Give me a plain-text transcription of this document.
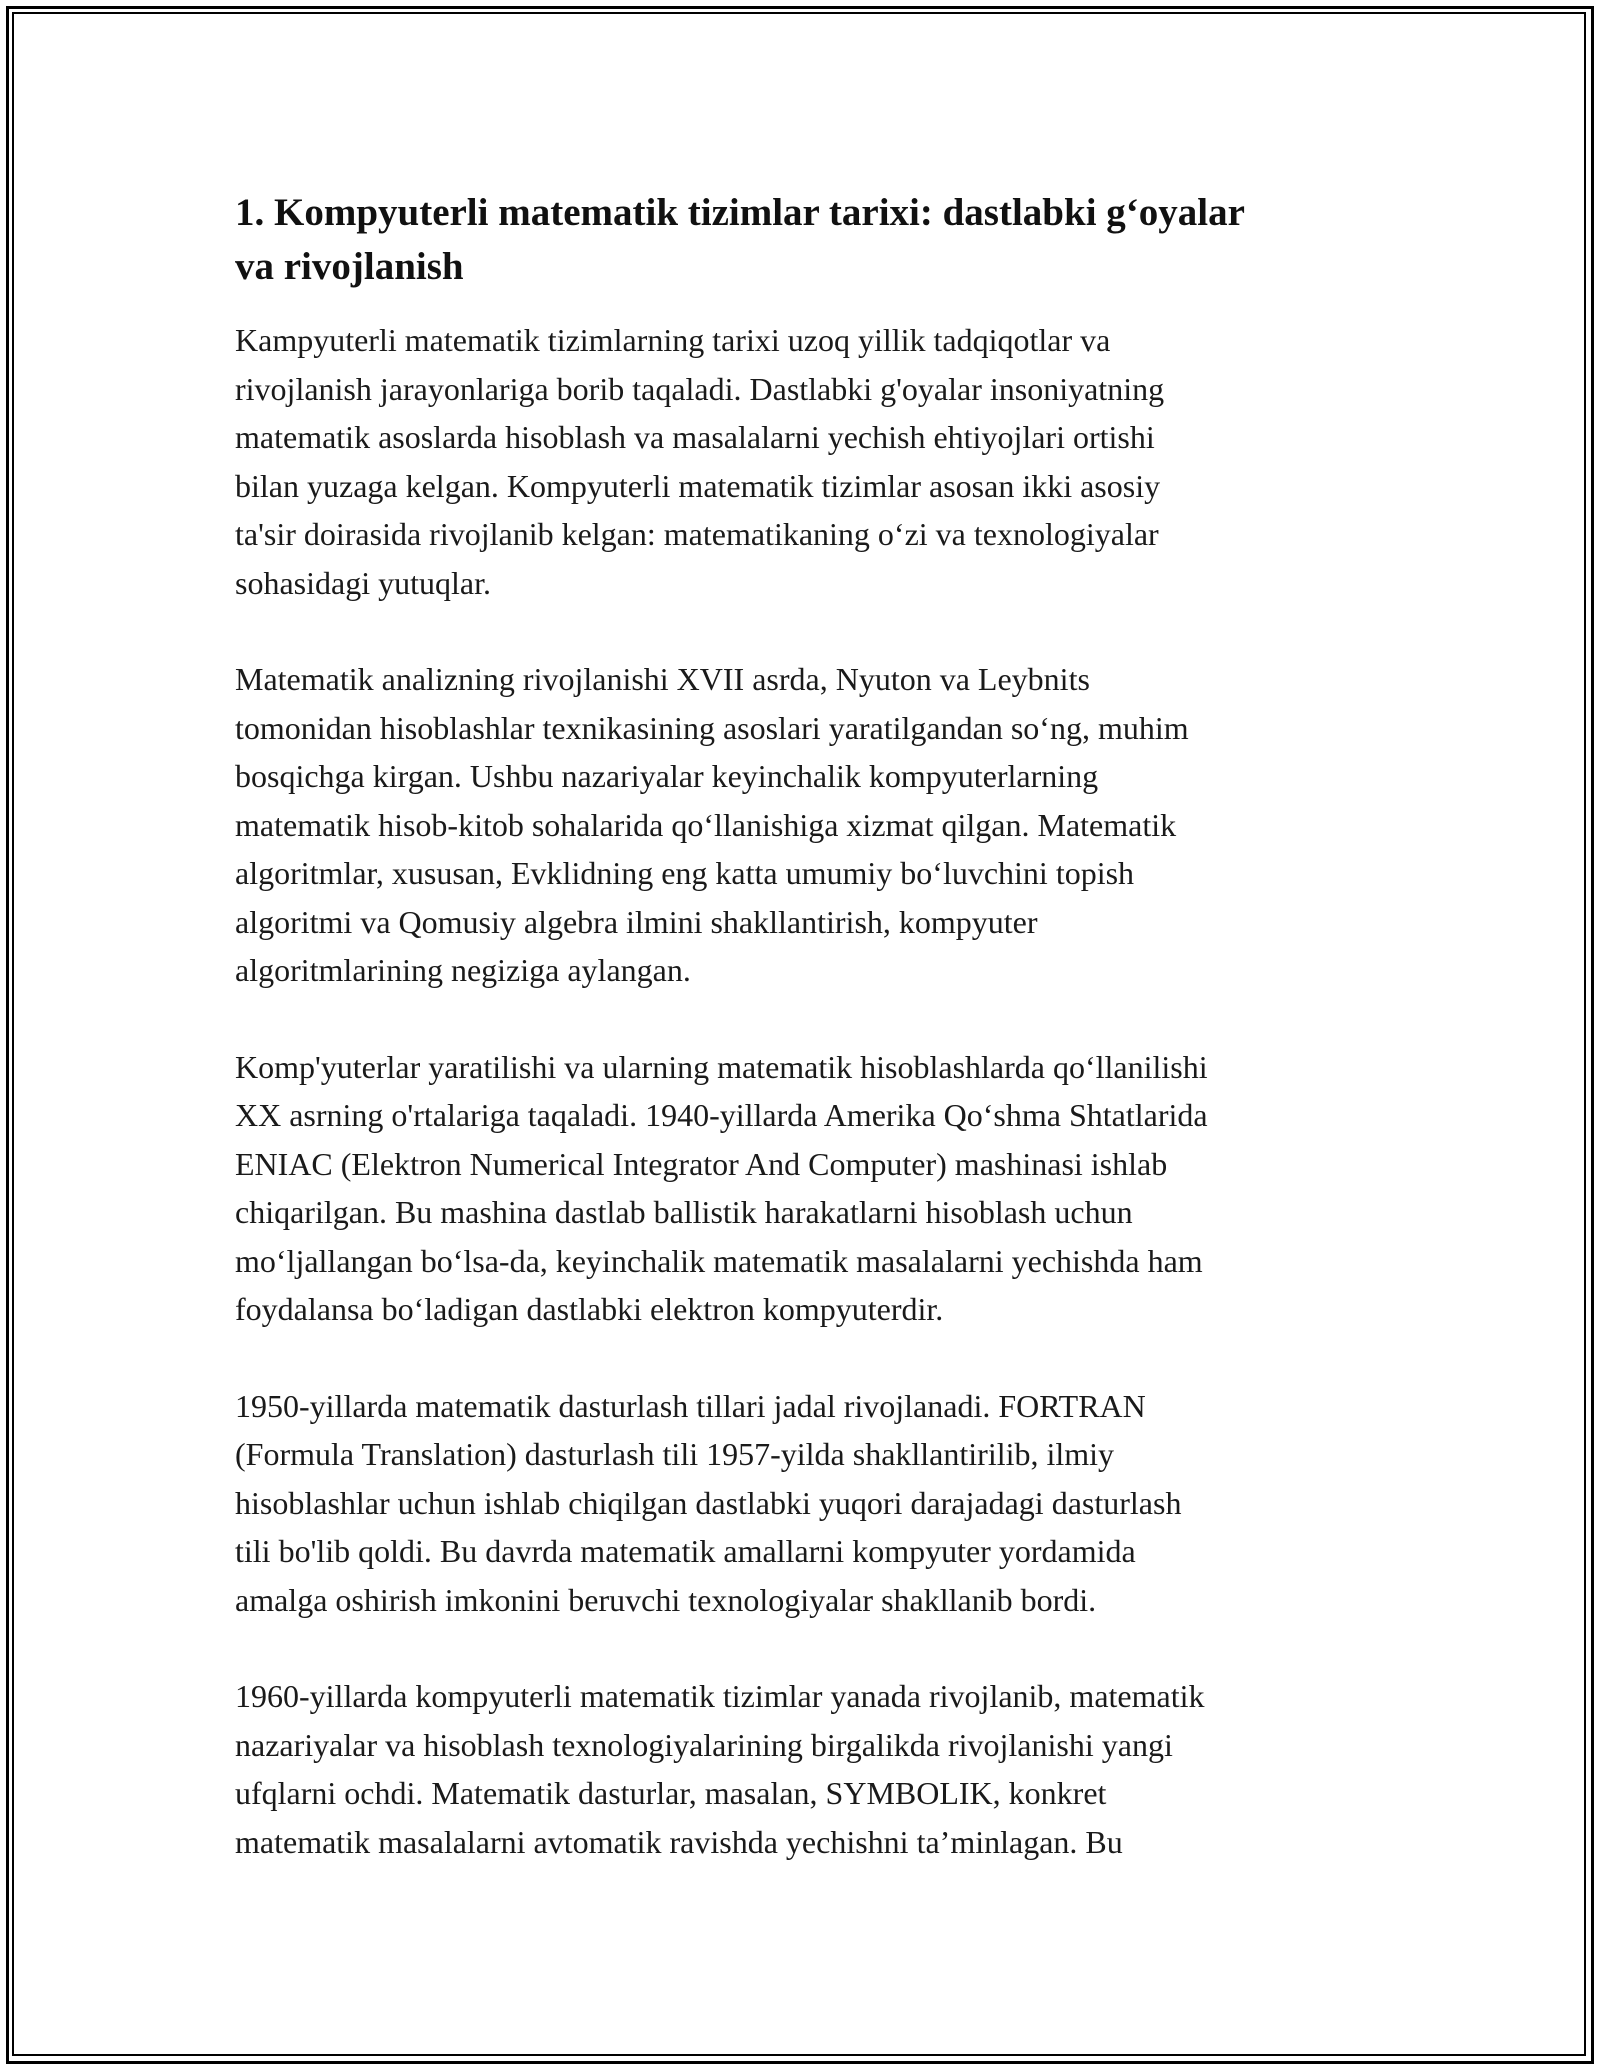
1. Kompyuterli matematik tizimlar tarixi: dastlabki g‘oyalar
va rivojlanish

Kampyuterli matematik tizimlarning tarixi uzoq yillik tadqiqotlar va
rivojlanish jarayonlariga borib taqaladi. Dastlabki g'oyalar insoniyatning
matematik asoslarda hisoblash va masalalarni yechish ehtiyojlari ortishi
bilan yuzaga kelgan. Kompyuterli matematik tizimlar asosan ikki asosiy
ta'sir doirasida rivojlanib kelgan: matematikaning o‘zi va texnologiyalar
sohasidagi yutuqlar.

Matematik analizning rivojlanishi XVII asrda, Nyuton va Leybnits
tomonidan hisoblashlar texnikasining asoslari yaratilgandan so‘ng, muhim
bosqichga kirgan. Ushbu nazariyalar keyinchalik kompyuterlarning
matematik hisob-kitob sohalarida qo‘llanishiga xizmat qilgan. Matematik
algoritmlar, xususan, Evklidning eng katta umumiy bo‘luvchini topish
algoritmi va Qomusiy algebra ilmini shakllantirish, kompyuter
algoritmlarining negiziga aylangan.

Komp'yuterlar yaratilishi va ularning matematik hisoblashlarda qo‘llanilishi
XX asrning o'rtalariga taqaladi. 1940-yillarda Amerika Qo‘shma Shtatlarida
ENIAC (Elektron Numerical Integrator And Computer) mashinasi ishlab
chiqarilgan. Bu mashina dastlab ballistik harakatlarni hisoblash uchun
mo‘ljallangan bo‘lsa-da, keyinchalik matematik masalalarni yechishda ham
foydalansa bo‘ladigan dastlabki elektron kompyuterdir.

1950-yillarda matematik dasturlash tillari jadal rivojlanadi. FORTRAN
(Formula Translation) dasturlash tili 1957-yilda shakllantirilib, ilmiy
hisoblashlar uchun ishlab chiqilgan dastlabki yuqori darajadagi dasturlash
tili bo'lib qoldi. Bu davrda matematik amallarni kompyuter yordamida
amalga oshirish imkonini beruvchi texnologiyalar shakllanib bordi.

1960-yillarda kompyuterli matematik tizimlar yanada rivojlanib, matematik
nazariyalar va hisoblash texnologiyalarining birgalikda rivojlanishi yangi
ufqlarni ochdi. Matematik dasturlar, masalan, SYMBOLIK, konkret
matematik masalalarni avtomatik ravishda yechishni ta’minlagan. Bu
